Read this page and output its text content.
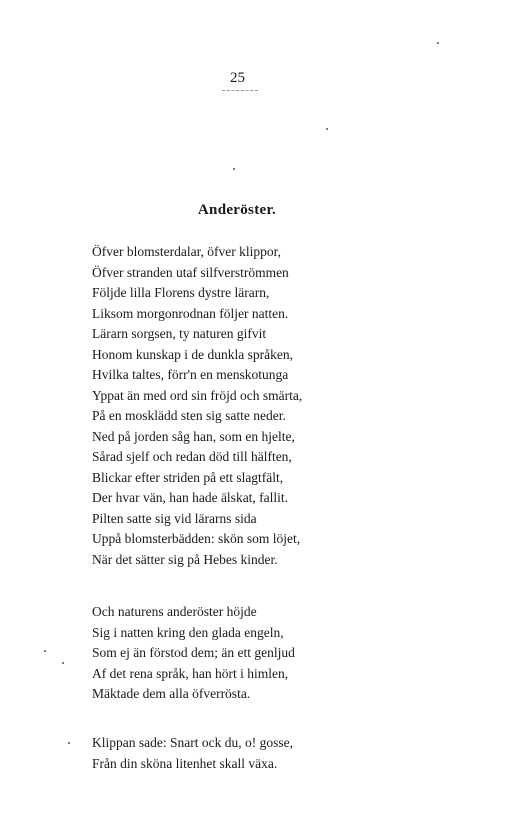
25
Anderöster.
Öfver blomsterdalar, öfver klippor,
Öfver stranden utaf silfverströmmen
Följde lilla Florens dystre lärarn,
Liksom morgonrodnan följer natten.
Lärarn sorgsen, ty naturen gifvit
Honom kunskap i de dunkla språken,
Hvilka taltes, förr'n en menskotunga
Yppat än med ord sin fröjd och smärta,
På en mosklädd sten sig satte neder.
Ned på jorden såg han, som en hjelte,
Sårad sjelf och redan död till hälften,
Blickar efter striden på ett slagtfält,
Der hvar vän, han hade älskat, fallit.
Pilten satte sig vid lärarns sida
Uppå blomsterbädden: skön som löjet,
När det sätter sig på Hebes kinder.
Och naturens anderöster höjde
Sig i natten kring den glada engeln,
Som ej än förstod dem; än ett genljud
Af det rena språk, han hört i himlen,
Mäktade dem alla öfverrösta.
Klippan sade: Snart ock du, o! gosse,
Från din sköna litenhet skall växa.
